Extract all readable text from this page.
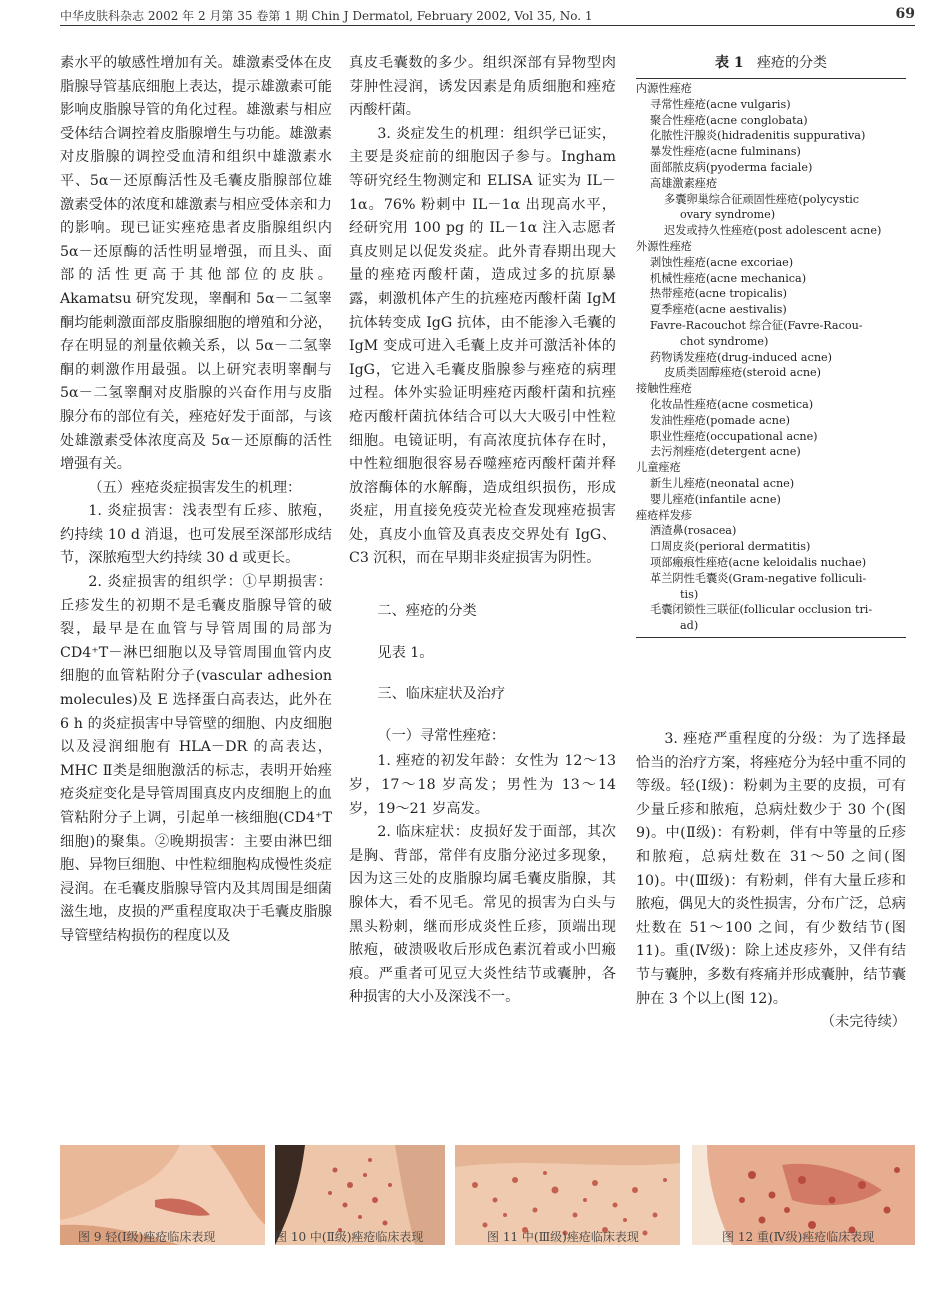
中华皮肤科杂志 2002 年 2 月第 35 卷第 1 期 Chin J Dermatol, February 2002, Vol 35, No. 1	69

素水平的敏感性增加有关。雄激素受体在皮脂腺导管基底细胞上表达，提示雄激素可能影响皮脂腺导管的角化过程。雄激素与相应受体结合调控着皮脂腺增生与功能。雄激素对皮脂腺的调控受血清和组织中雄激素水平、5α－还原酶活性及毛囊皮脂腺部位雄激素受体的浓度和雄激素与相应受体亲和力的影响。现已证实痤疮患者皮脂腺组织内 5α－还原酶的活性明显增强，而且头、面部的活性更高于其他部位的皮肤。Akamatsu 研究发现，睾酮和 5α－二氢睾酮均能刺激面部皮脂腺细胞的增殖和分泌，存在明显的剂量依赖关系，以 5α－二氢睾酮的刺激作用最强。以上研究表明睾酮与 5α－二氢睾酮对皮脂腺的兴奋作用与皮脂腺分布的部位有关，痤疮好发于面部，与该处雄激素受体浓度高及 5α－还原酶的活性增强有关。

（五）痤疮炎症损害发生的机理：

1. 炎症损害：浅表型有丘疹、脓疱，约持续 10 d 消退，也可发展至深部形成结节，深脓疱型大约持续 30 d 或更长。

2. 炎症损害的组织学：①早期损害：丘疹发生的初期不是毛囊皮脂腺导管的破裂，最早是在血管与导管周围的局部为 CD4⁺T－淋巴细胞以及导管周围血管内皮细胞的血管粘附分子(vascular adhesion molecules)及 E 选择蛋白高表达，此外在 6 h 的炎症损害中导管壁的细胞、内皮细胞以及浸润细胞有 HLA－DR 的高表达，MHC Ⅱ类是细胞激活的标志，表明开始痤疮炎症变化是导管周围真皮内皮细胞上的血管粘附分子上调，引起单一核细胞(CD4⁺T 细胞)的聚集。②晚期损害：主要由淋巴细胞、异物巨细胞、中性粒细胞构成慢性炎症浸润。在毛囊皮脂腺导管内及其周围是细菌滋生地，皮损的严重程度取决于毛囊皮脂腺导管壁结构损伤的程度以及

真皮毛囊数的多少。组织深部有异物型肉芽肿性浸润，诱发因素是角质细胞和痤疮丙酸杆菌。

3. 炎症发生的机理：组织学已证实，主要是炎症前的细胞因子参与。Ingham 等研究经生物测定和 ELISA 证实为 IL－1α。76% 粉刺中 IL－1α 出现高水平，经研究用 100 pg 的 IL－1α 注入志愿者真皮则足以促发炎症。此外青春期出现大量的痤疮丙酸杆菌，造成过多的抗原暴露，刺激机体产生的抗痤疮丙酸杆菌 IgM 抗体转变成 IgG 抗体，由不能渗入毛囊的 IgM 变成可进入毛囊上皮并可激活补体的 IgG，它进入毛囊皮脂腺参与痤疮的病理过程。体外实验证明痤疮丙酸杆菌和抗痤疮丙酸杆菌抗体结合可以大大吸引中性粒细胞。电镜证明，有高浓度抗体存在时，中性粒细胞很容易吞噬痤疮丙酸杆菌并释放溶酶体的水解酶，造成组织损伤，形成炎症，用直接免疫荧光检查发现痤疮损害处，真皮小血管及真表皮交界处有 IgG、C3 沉积，而在早期非炎症损害为阴性。

二、痤疮的分类

见表 1。

三、临床症状及治疗

（一）寻常性痤疮：

1. 痤疮的初发年龄：女性为 12～13 岁，17～18 岁高发；男性为 13～14 岁，19～21 岁高发。

2. 临床症状：皮损好发于面部，其次是胸、背部，常伴有皮脂分泌过多现象，因为这三处的皮脂腺均属毛囊皮脂腺，其腺体大，看不见毛。常见的损害为白头与黑头粉刺，继而形成炎性丘疹，顶端出现脓疱，破溃吸收后形成色素沉着或小凹瘢痕。严重者可见豆大炎性结节或囊肿，各种损害的大小及深浅不一。

表 1 痤疮的分类
内源性痤疮
寻常性痤疮(acne vulgaris)
聚合性痤疮(acne conglobata)
化脓性汗腺炎(hidradenitis suppurativa)
暴发性痤疮(acne fulminans)
面部脓皮病(pyoderma faciale)
高雄激素痤疮
多囊卵巢综合征顽固性痤疮(polycystic
ovary syndrome)
迟发或持久性痤疮(post adolescent acne)
外源性痤疮
剥蚀性痤疮(acne excoriae)
机械性痤疮(acne mechanica)
热带痤疮(acne tropicalis)
夏季痤疮(acne aestivalis)
Favre-Racouchot 综合征(Favre-Racou-
chot syndrome)
药物诱发痤疮(drug-induced acne)
皮质类固醇痤疮(steroid acne)
接触性痤疮
化妆品性痤疮(acne cosmetica)
发油性痤疮(pomade acne)
职业性痤疮(occupational acne)
去污剂痤疮(detergent acne)
儿童痤疮
新生儿痤疮(neonatal acne)
婴儿痤疮(infantile acne)
痤疮样发疹
酒渣鼻(rosacea)
口周皮炎(perioral dermatitis)
项部瘢痕性痤疮(acne keloidalis nuchae)
革兰阴性毛囊炎(Gram-negative folliculi-
tis)
毛囊闭锁性三联征(follicular occlusion tri-
ad)

3. 痤疮严重程度的分级：为了选择最恰当的治疗方案，将痤疮分为轻中重不同的等级。轻(Ⅰ级)：粉刺为主要的皮损，可有少量丘疹和脓疱，总病灶数少于 30 个(图 9)。中(Ⅱ级)：有粉刺，伴有中等量的丘疹和脓疱，总病灶数在 31～50 之间(图 10)。中(Ⅲ级)：有粉刺，伴有大量丘疹和脓疱，偶见大的炎性损害，分布广泛，总病灶数在 51～100 之间，有少数结节(图 11)。重(Ⅳ级)：除上述皮疹外，又伴有结节与囊肿，多数有疼痛并形成囊肿，结节囊肿在 3 个以上(图 12)。

（未完待续）

图 9 轻(Ⅰ级)痤疮临床表现	图 10 中(Ⅱ级)痤疮临床表现	图 11 中(Ⅲ级)痤疮临床表现	图 12 重(Ⅳ级)痤疮临床表现
